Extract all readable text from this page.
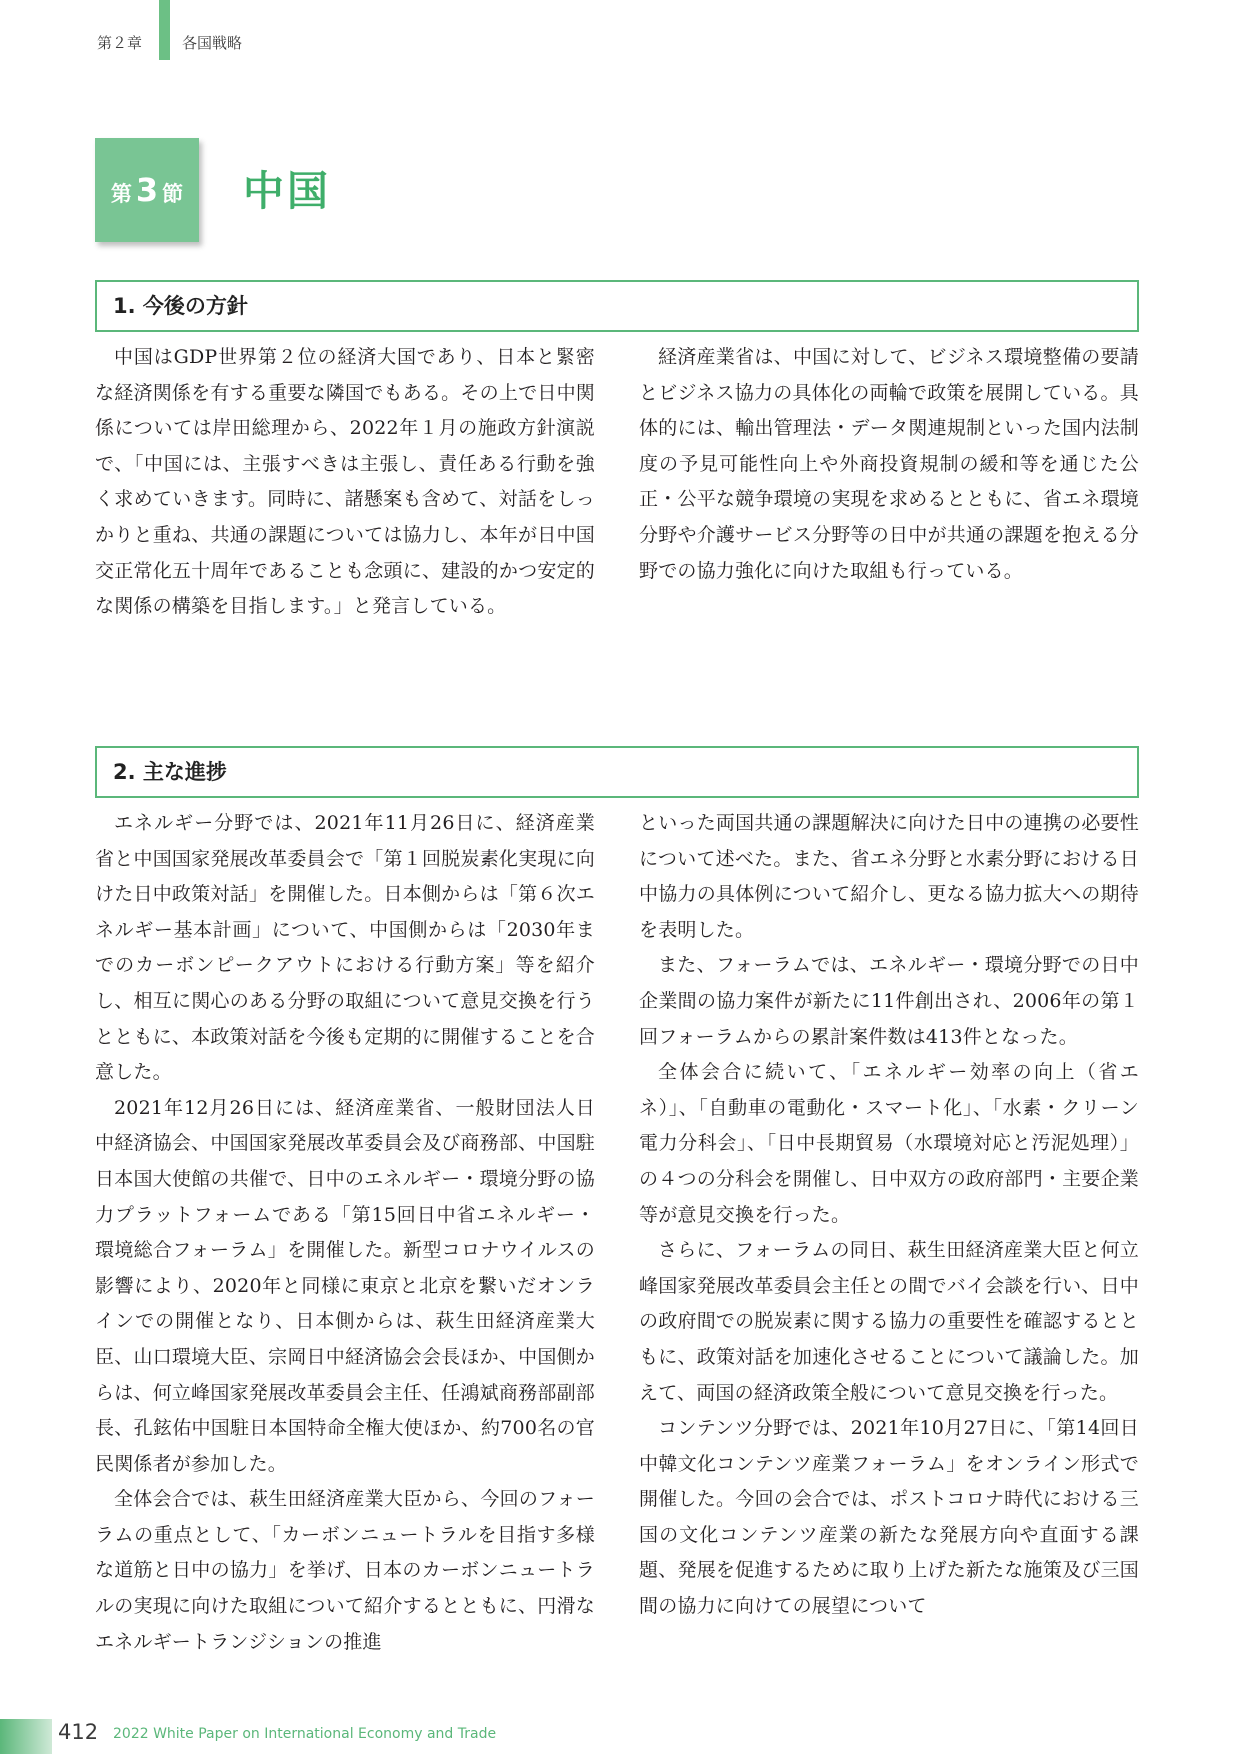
第２章	各国戦略
第 3 節	中国
1. 今後の方針

中国はGDP世界第２位の経済大国であり、日本と緊密な経済関係を有する重要な隣国でもある。その上で日中関係については岸田総理から、2022年１月の施政方針演説で、「中国には、主張すべきは主張し、責任ある行動を強く求めていきます。同時に、諸懸案も含めて、対話をしっかりと重ね、共通の課題については協力し、本年が日中国交正常化五十周年であることも念頭に、建設的かつ安定的な関係の構築を目指します。」と発言している。

経済産業省は、中国に対して、ビジネス環境整備の要請とビジネス協力の具体化の両輪で政策を展開している。具体的には、輸出管理法・データ関連規制といった国内法制度の予見可能性向上や外商投資規制の緩和等を通じた公正・公平な競争環境の実現を求めるとともに、省エネ環境分野や介護サービス分野等の日中が共通の課題を抱える分野での協力強化に向けた取組も行っている。

2. 主な進捗

エネルギー分野では、2021年11月26日に、経済産業省と中国国家発展改革委員会で「第１回脱炭素化実現に向けた日中政策対話」を開催した。日本側からは「第６次エネルギー基本計画」について、中国側からは「2030年までのカーボンピークアウトにおける行動方案」等を紹介し、相互に関心のある分野の取組について意見交換を行うとともに、本政策対話を今後も定期的に開催することを合意した。

2021年12月26日には、経済産業省、一般財団法人日中経済協会、中国国家発展改革委員会及び商務部、中国駐日本国大使館の共催で、日中のエネルギー・環境分野の協力プラットフォームである「第15回日中省エネルギー・環境総合フォーラム」を開催した。新型コロナウイルスの影響により、2020年と同様に東京と北京を繋いだオンラインでの開催となり、日本側からは、萩生田経済産業大臣、山口環境大臣、宗岡日中経済協会会長ほか、中国側からは、何立峰国家発展改革委員会主任、任鴻斌商務部副部長、孔鉉佑中国駐日本国特命全権大使ほか、約700名の官民関係者が参加した。

全体会合では、萩生田経済産業大臣から、今回のフォーラムの重点として、「カーボンニュートラルを目指す多様な道筋と日中の協力」を挙げ、日本のカーボンニュートラルの実現に向けた取組について紹介するとともに、円滑なエネルギートランジションの推進

といった両国共通の課題解決に向けた日中の連携の必要性について述べた。また、省エネ分野と水素分野における日中協力の具体例について紹介し、更なる協力拡大への期待を表明した。

また、フォーラムでは、エネルギー・環境分野での日中企業間の協力案件が新たに11件創出され、2006年の第１回フォーラムからの累計案件数は413件となった。

全体会合に続いて、「エネルギー効率の向上（省エネ）」、「自動車の電動化・スマート化」、「水素・クリーン電力分科会」、「日中長期貿易（水環境対応と汚泥処理）」の４つの分科会を開催し、日中双方の政府部門・主要企業等が意見交換を行った。

さらに、フォーラムの同日、萩生田経済産業大臣と何立峰国家発展改革委員会主任との間でバイ会談を行い、日中の政府間での脱炭素に関する協力の重要性を確認するとともに、政策対話を加速化させることについて議論した。加えて、両国の経済政策全般について意見交換を行った。

コンテンツ分野では、2021年10月27日に、「第14回日中韓文化コンテンツ産業フォーラム」をオンライン形式で開催した。今回の会合では、ポストコロナ時代における三国の文化コンテンツ産業の新たな発展方向や直面する課題、発展を促進するために取り上げた新たな施策及び三国間の協力に向けての展望について

412 2022 White Paper on International Economy and Trade
